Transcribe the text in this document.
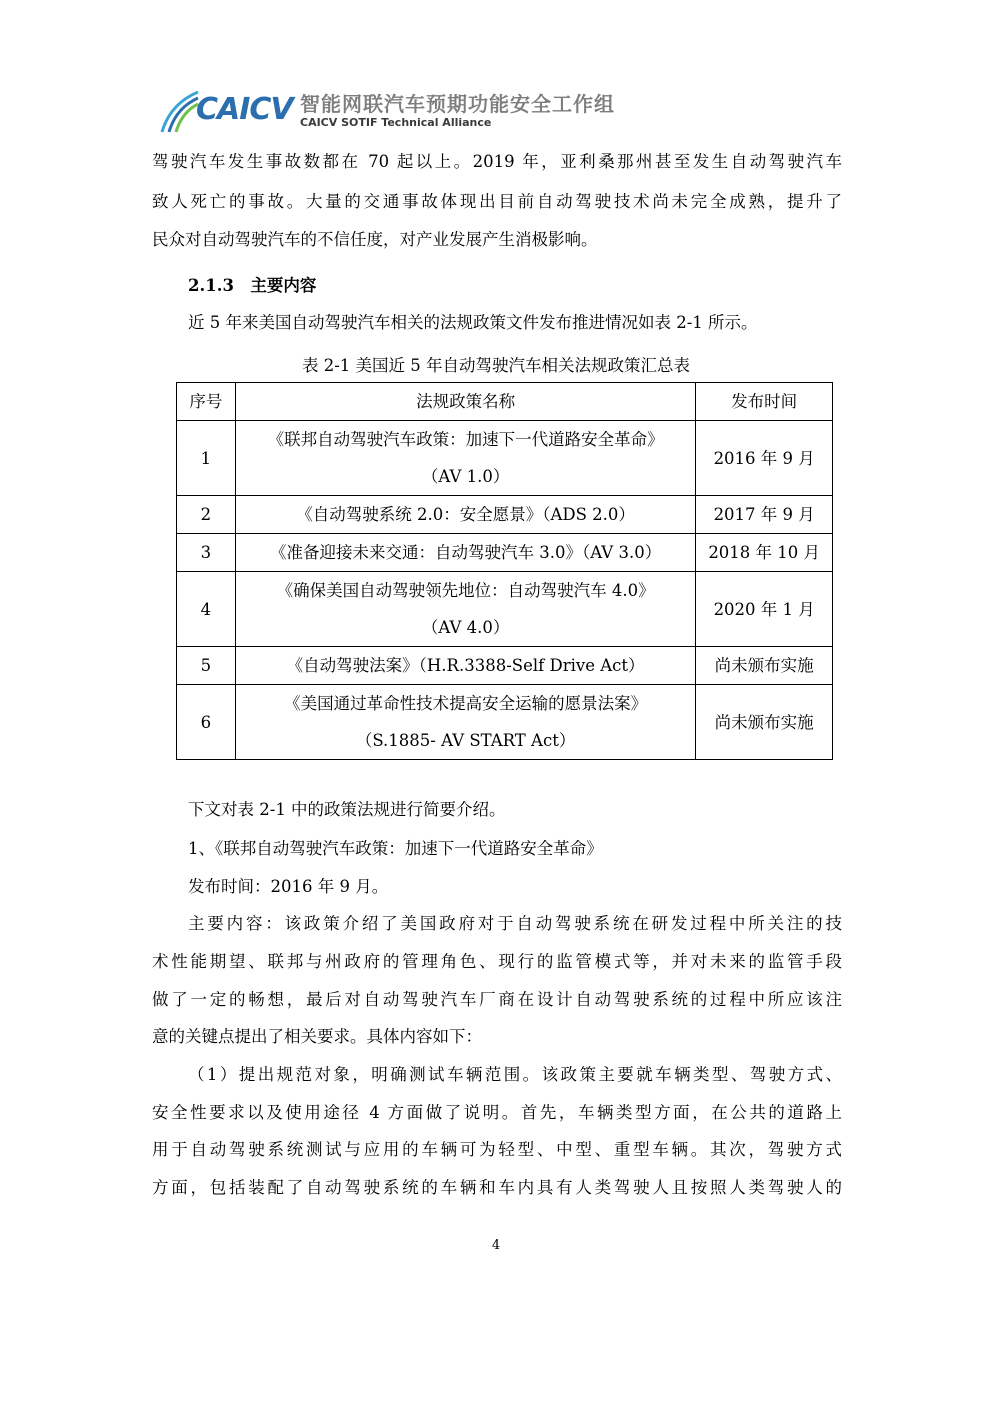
CAICV 智能网联汽车预期功能安全工作组
CAICV SOTIF Technical Alliance
驾驶汽车发生事故数都在 70 起以上。2019 年，亚利桑那州甚至发生自动驾驶汽车
致人死亡的事故。大量的交通事故体现出目前自动驾驶技术尚未完全成熟，提升了
民众对自动驾驶汽车的不信任度，对产业发展产生消极影响。
2.1.3　主要内容
近 5 年来美国自动驾驶汽车相关的法规政策文件发布推进情况如表 2-1 所示。
表 2-1 美国近 5 年自动驾驶汽车相关法规政策汇总表
序号	法规政策名称	发布时间
1	《联邦自动驾驶汽车政策：加速下一代道路安全革命》
（AV 1.0）	2016 年 9 月
2	《自动驾驶系统 2.0：安全愿景》（ADS 2.0）	2017 年 9 月
3	《准备迎接未来交通：自动驾驶汽车 3.0》（AV 3.0）	2018 年 10 月
4	《确保美国自动驾驶领先地位：自动驾驶汽车 4.0》
（AV 4.0）	2020 年 1 月
5	《自动驾驶法案》（H.R.3388-Self Drive Act）	尚未颁布实施
6	《美国通过革命性技术提高安全运输的愿景法案》
（S.1885- AV START Act）	尚未颁布实施
下文对表 2-1 中的政策法规进行简要介绍。
1、《联邦自动驾驶汽车政策：加速下一代道路安全革命》
发布时间：2016 年 9 月。
主要内容：该政策介绍了美国政府对于自动驾驶系统在研发过程中所关注的技
术性能期望、联邦与州政府的管理角色、现行的监管模式等，并对未来的监管手段
做了一定的畅想，最后对自动驾驶汽车厂商在设计自动驾驶系统的过程中所应该注
意的关键点提出了相关要求。具体内容如下：
（1）提出规范对象，明确测试车辆范围。该政策主要就车辆类型、驾驶方式、
安全性要求以及使用途径 4 方面做了说明。首先，车辆类型方面，在公共的道路上
用于自动驾驶系统测试与应用的车辆可为轻型、中型、重型车辆。其次，驾驶方式
方面，包括装配了自动驾驶系统的车辆和车内具有人类驾驶人且按照人类驾驶人的
4
